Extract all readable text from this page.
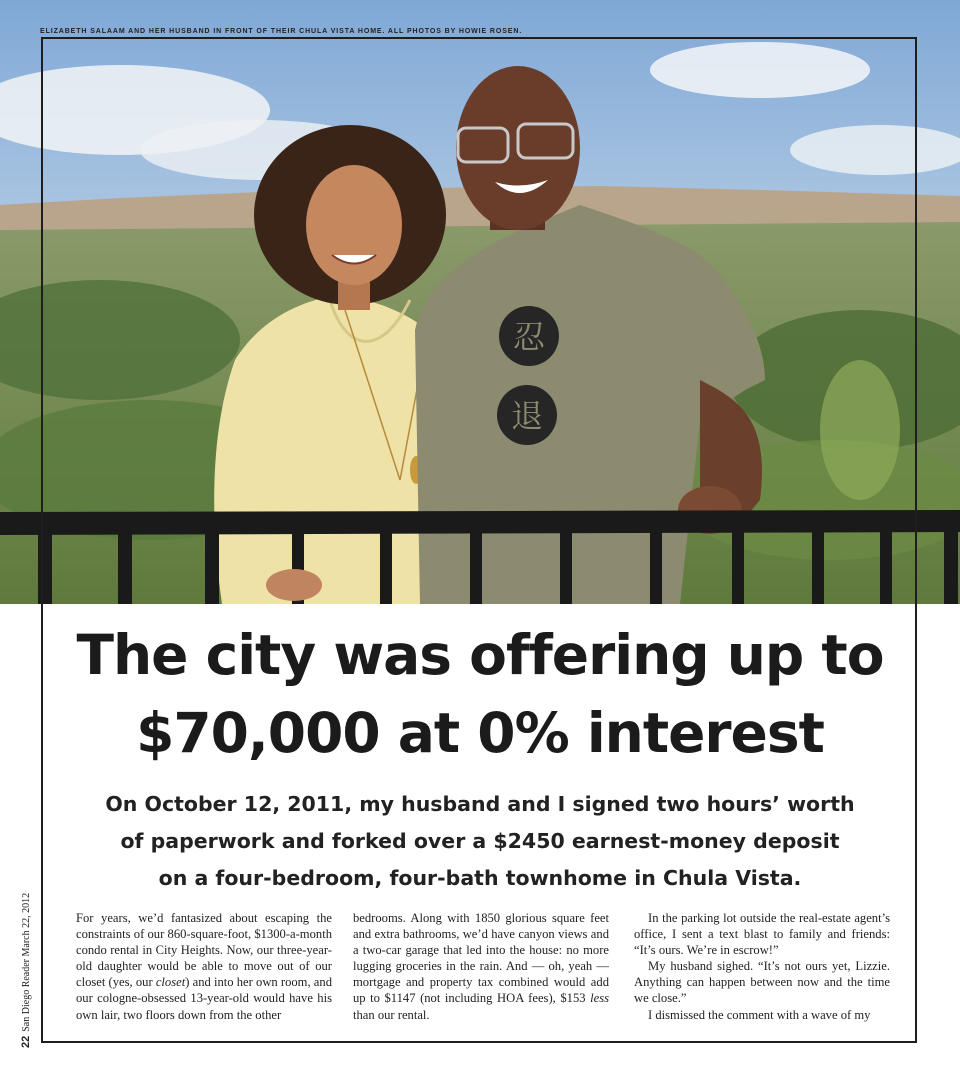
忍
退
ELIZABETH SALAAM AND HER HUSBAND IN FRONT OF THEIR CHULA VISTA HOME. ALL PHOTOS BY HOWIE ROSEN.
The city was offering up to
$70,000 at 0% interest

On October 12, 2011, my husband and I signed two hours’ worth
of paperwork and forked over a $2450 earnest-money deposit
on a four-bedroom, four-bath townhome in Chula Vista.

For years, we’d fantasized about escaping the constraints of our 860-square-foot, $1300-a-month condo rental in City Heights. Now, our three-year-old daughter would be able to move out of our closet (yes, our closet) and into her own room, and our cologne-obsessed 13-year-old would have his own lair, two floors down from the other

bedrooms. Along with 1850 glorious square feet and extra bathrooms, we’d have canyon views and a two-car garage that led into the house: no more lugging groceries in the rain. And — oh, yeah — mortgage and property tax combined would add up to $1147 (not including HOA fees), $153 less than our rental.

In the parking lot outside the real-estate agent’s office, I sent a text blast to family and friends: “It’s ours. We’re in escrow!”

My husband sighed. “It’s not ours yet, Lizzie. Anything can happen between now and the time we close.”

I dismissed the comment with a wave of my

22San Diego Reader March 22, 2012
